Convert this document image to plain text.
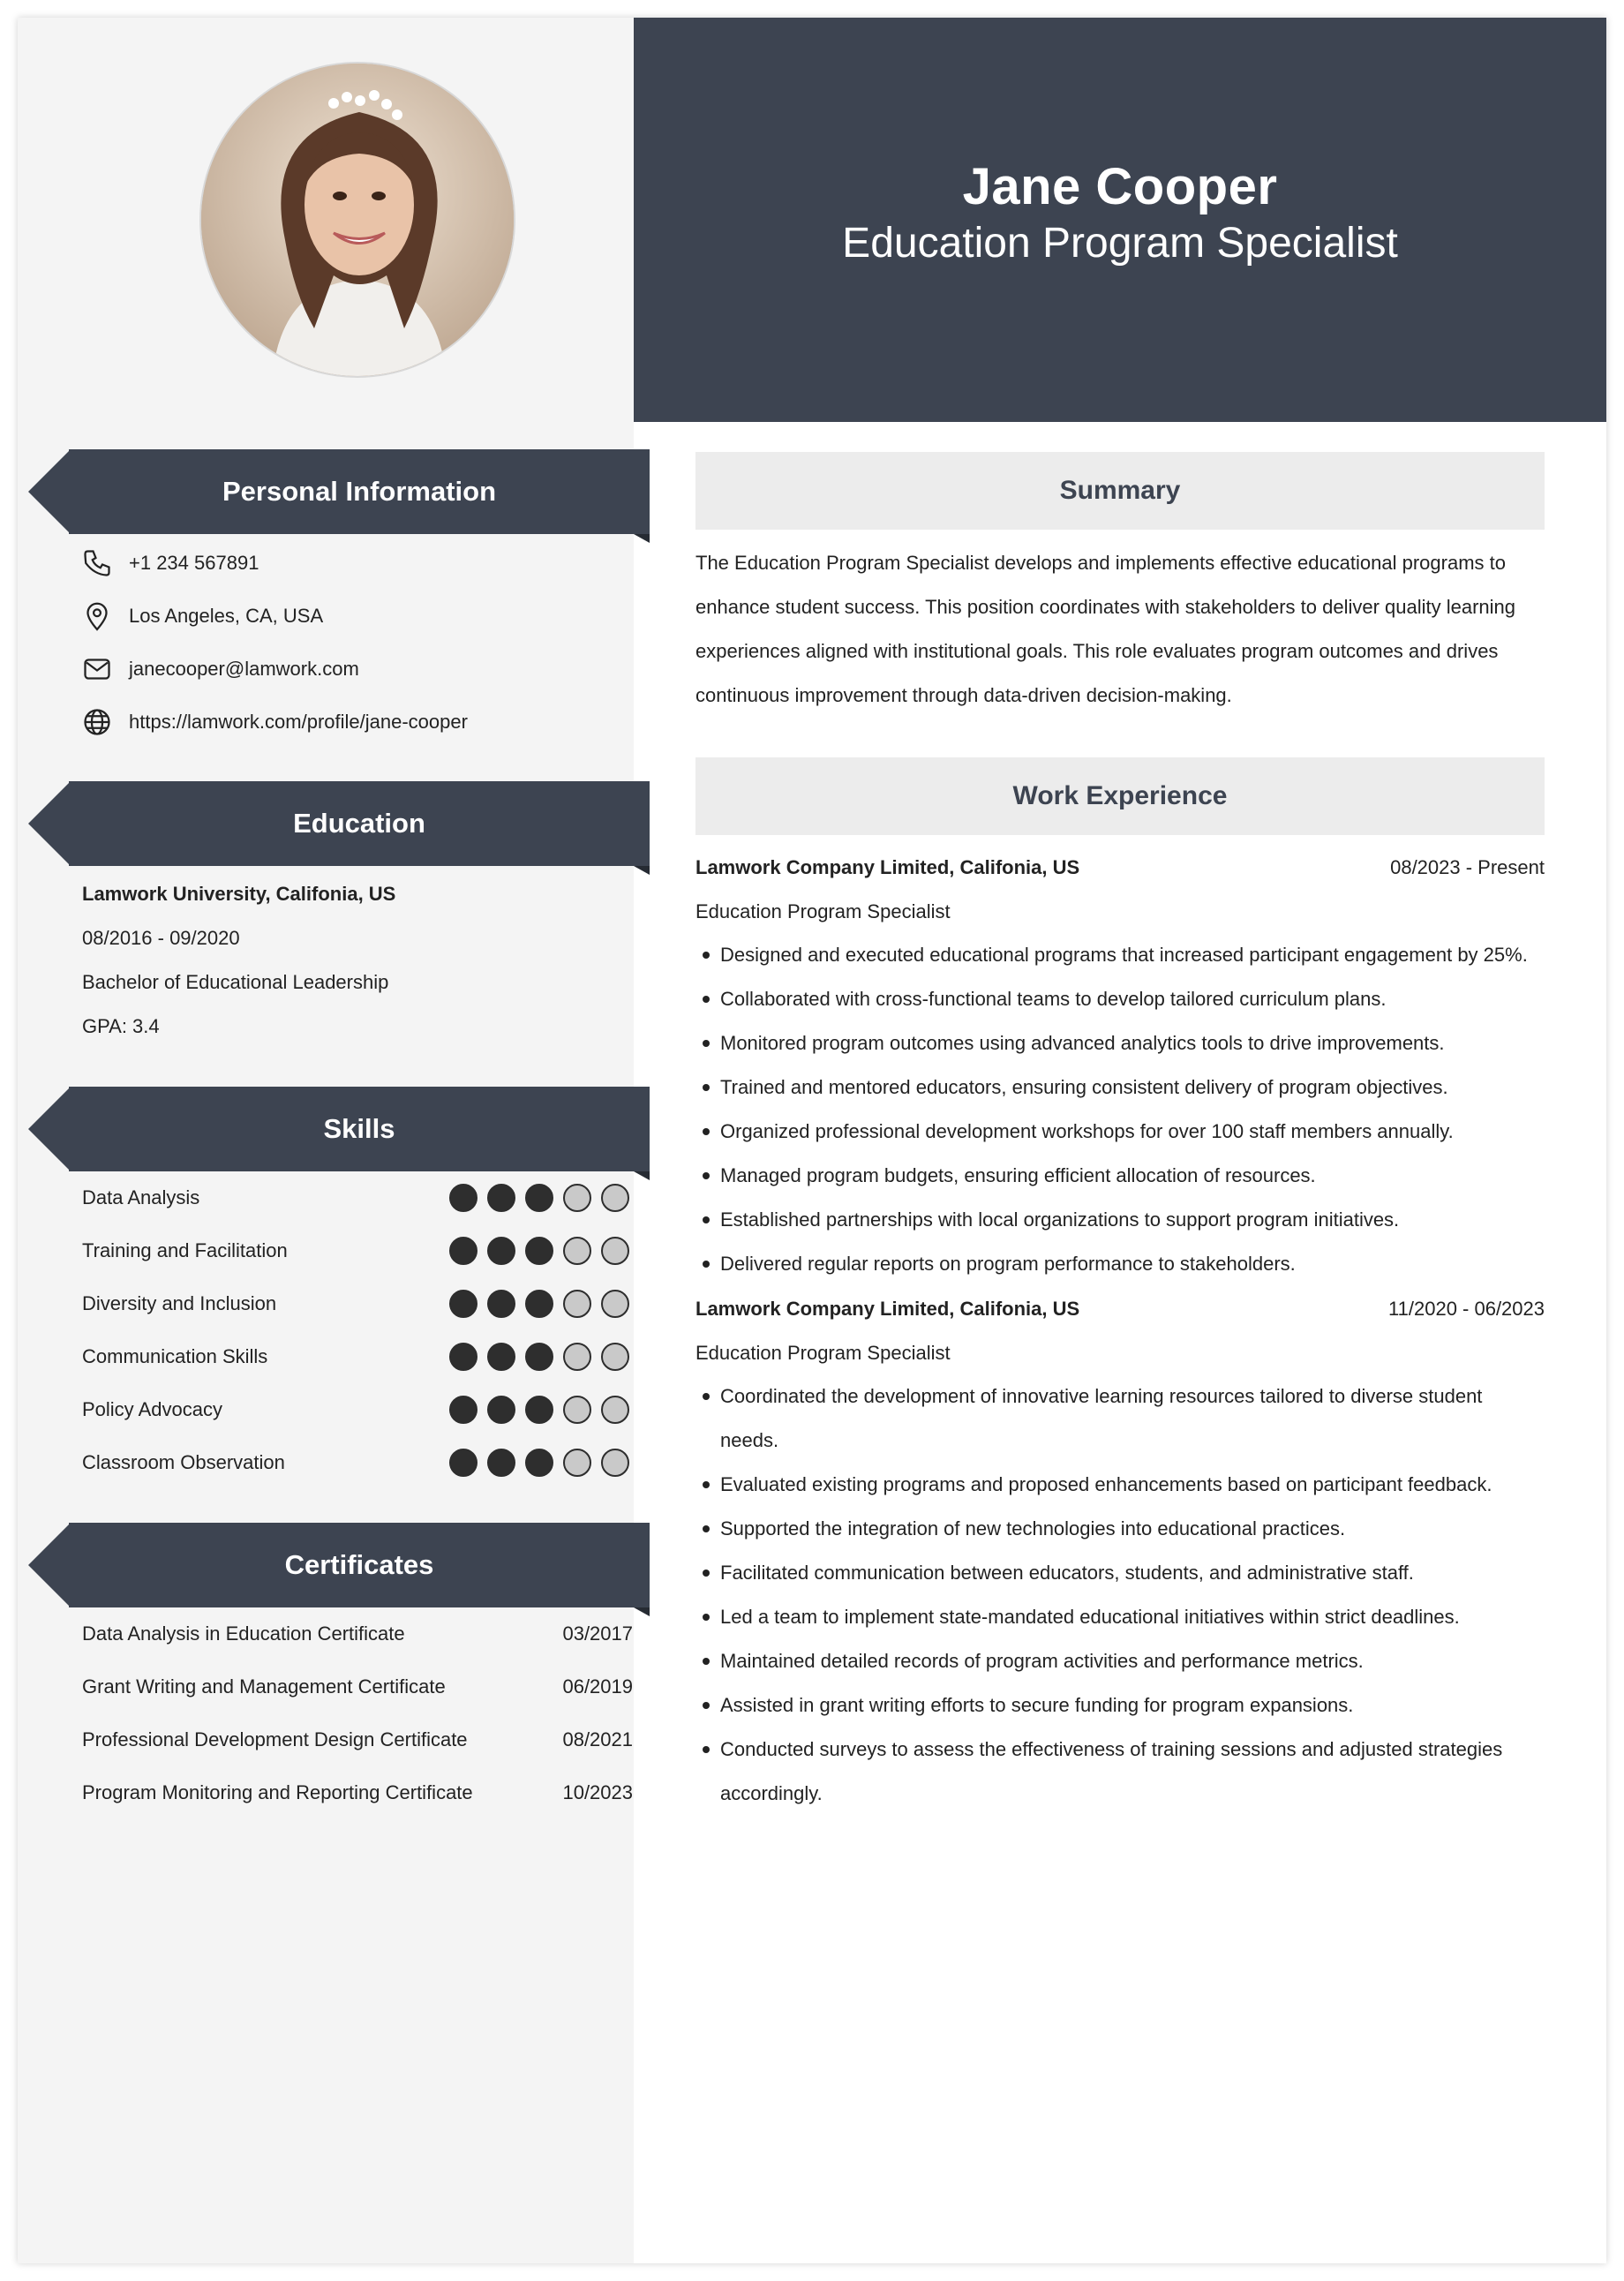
Personal Information
+1 234 567891
Los Angeles, CA, USA
janecooper@lamwork.com
https://lamwork.com/profile/jane-cooper
Education
Lamwork University, Califonia, US
08/2016 - 09/2020
Bachelor of Educational Leadership
GPA: 3.4
Skills
Data Analysis
Training and Facilitation
Diversity and Inclusion
Communication Skills
Policy Advocacy
Classroom Observation
Certificates
Data Analysis in Education Certificate	03/2017
Grant Writing and Management Certificate	06/2019
Professional Development Design Certificate	08/2021
Program Monitoring and Reporting Certificate	10/2023
Jane Cooper
Education Program Specialist
Summary
The Education Program Specialist develops and implements effective educational programs to enhance student success. This position coordinates with stakeholders to deliver quality learning experiences aligned with institutional goals. This role evaluates program outcomes and drives continuous improvement through data-driven decision-making.
Work Experience
Lamwork Company Limited, Califonia, US	08/2023 - Present
Education Program Specialist
Designed and executed educational programs that increased participant engagement by 25%.
Collaborated with cross-functional teams to develop tailored curriculum plans.
Monitored program outcomes using advanced analytics tools to drive improvements.
Trained and mentored educators, ensuring consistent delivery of program objectives.
Organized professional development workshops for over 100 staff members annually.
Managed program budgets, ensuring efficient allocation of resources.
Established partnerships with local organizations to support program initiatives.
Delivered regular reports on program performance to stakeholders.
Lamwork Company Limited, Califonia, US	11/2020 - 06/2023
Education Program Specialist
Coordinated the development of innovative learning resources tailored to diverse student needs.
Evaluated existing programs and proposed enhancements based on participant feedback.
Supported the integration of new technologies into educational practices.
Facilitated communication between educators, students, and administrative staff.
Led a team to implement state-mandated educational initiatives within strict deadlines.
Maintained detailed records of program activities and performance metrics.
Assisted in grant writing efforts to secure funding for program expansions.
Conducted surveys to assess the effectiveness of training sessions and adjusted strategies accordingly.
